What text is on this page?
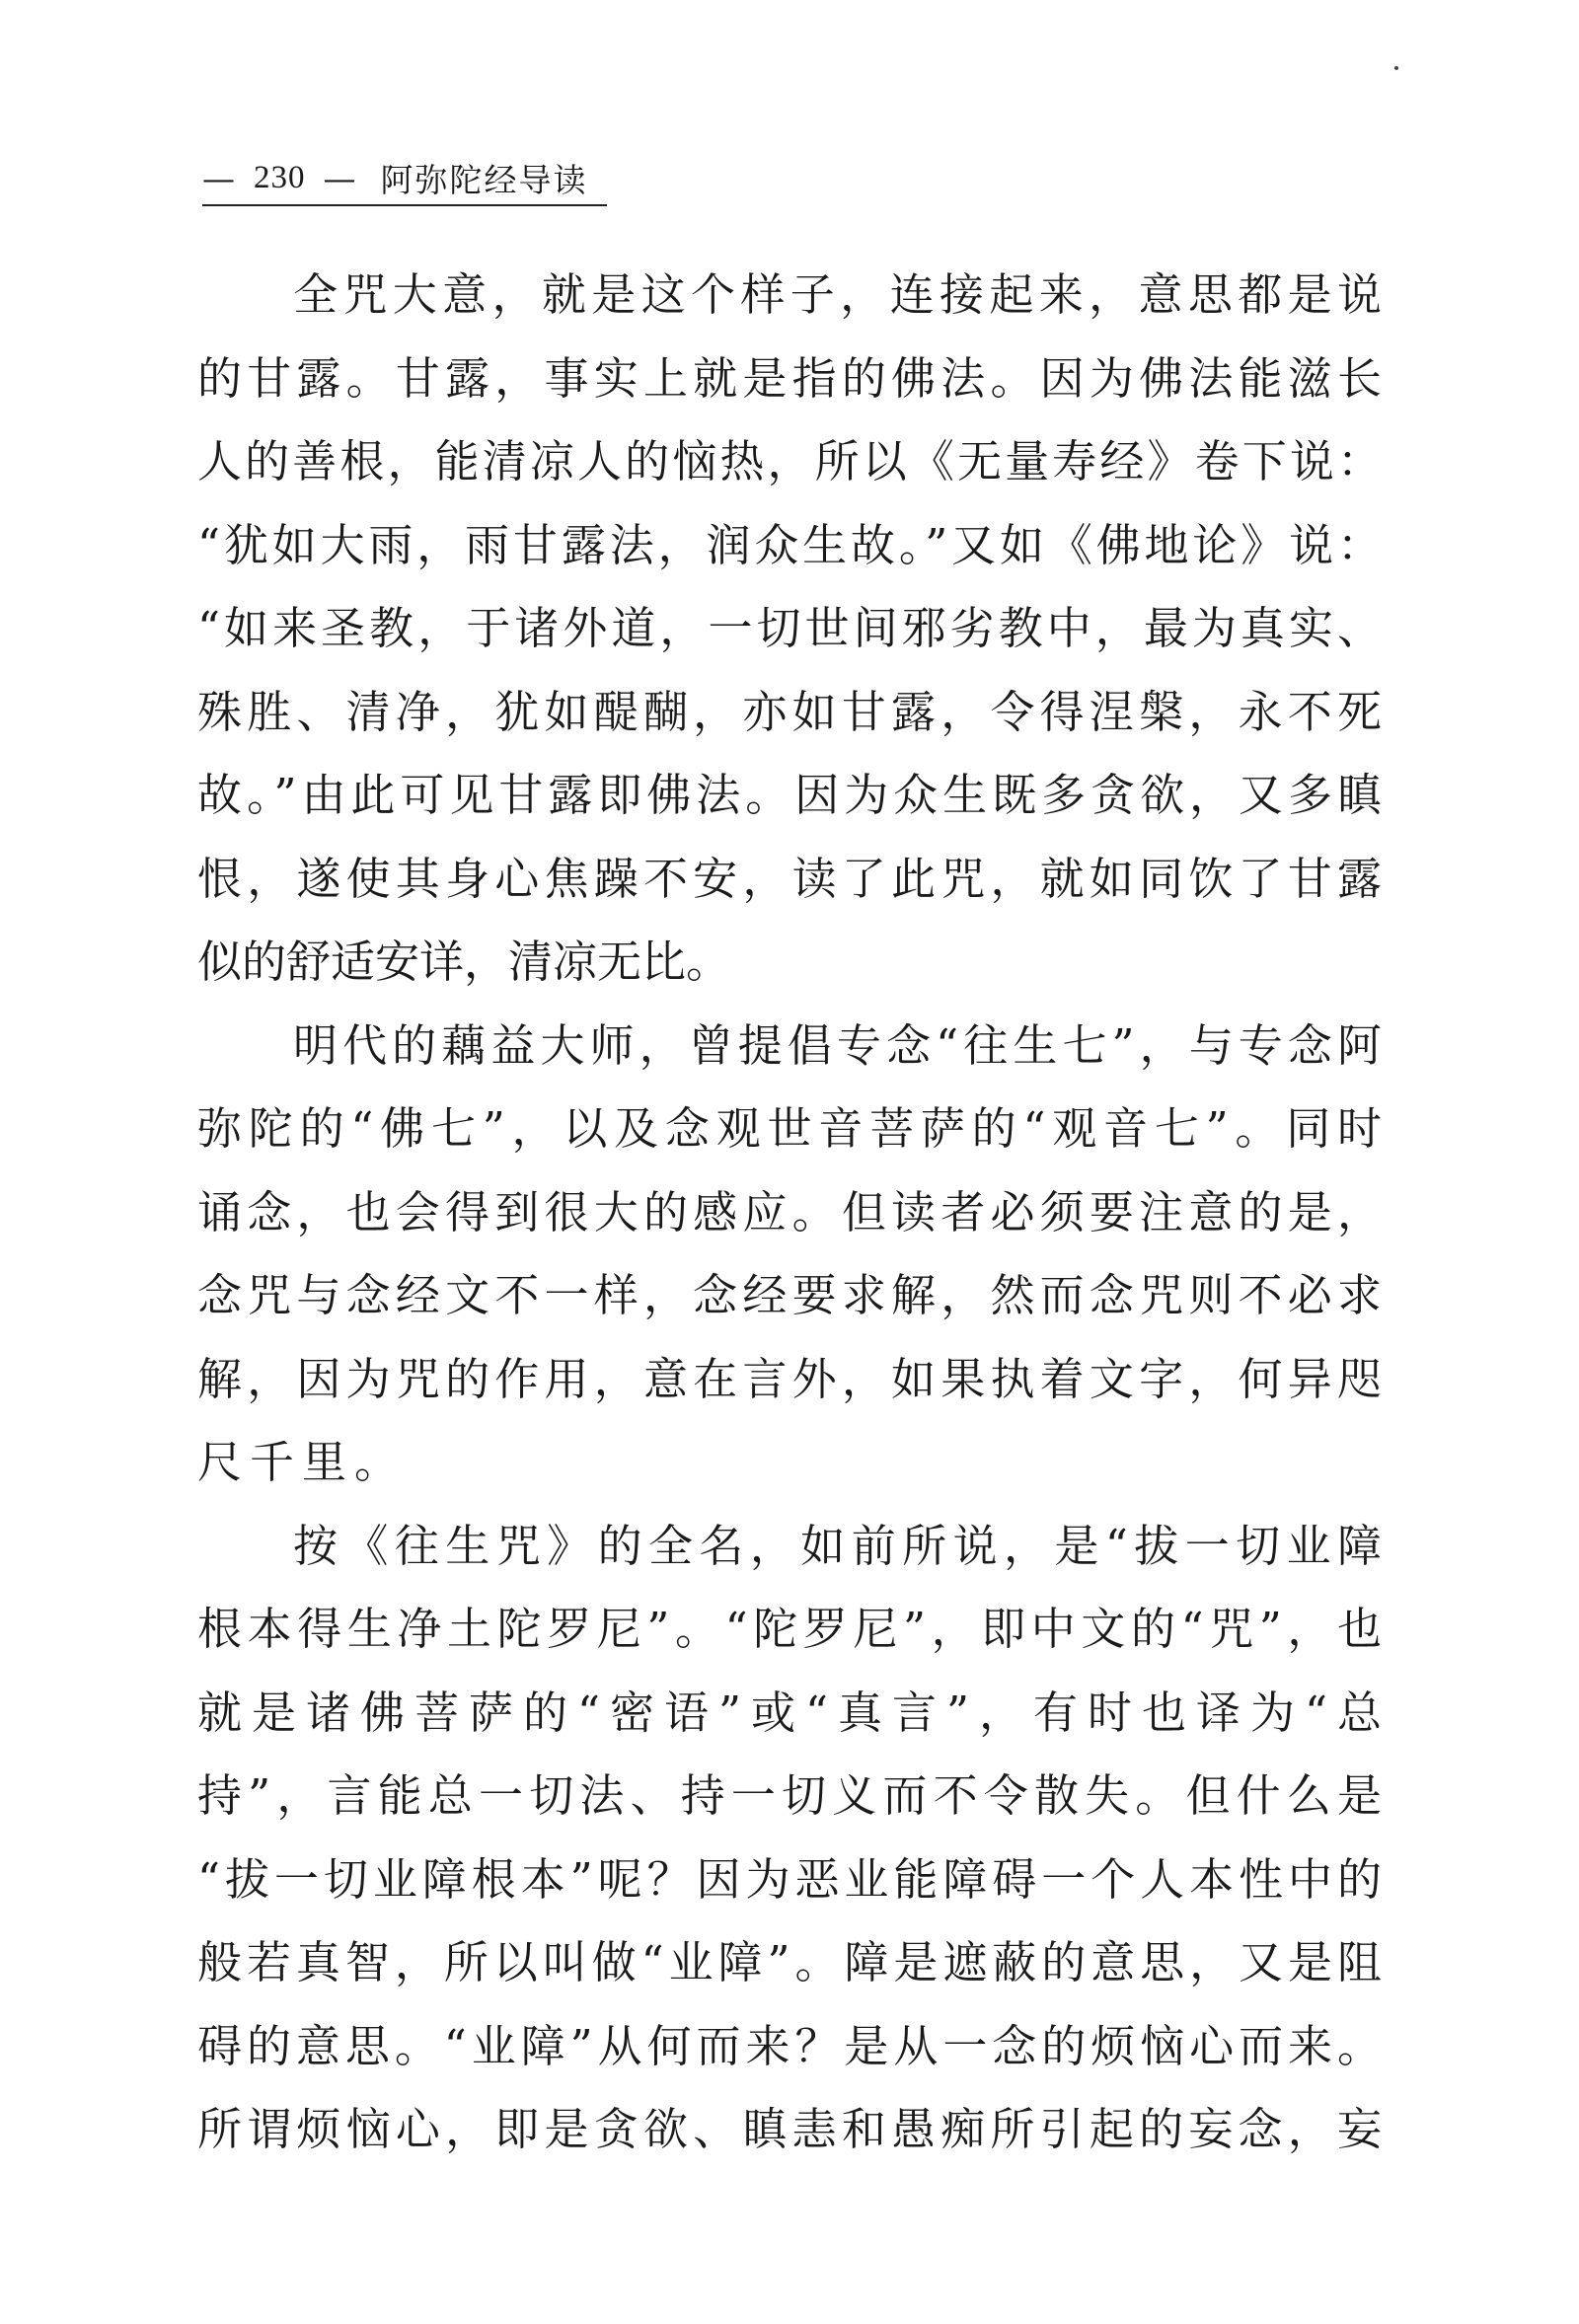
— 230 — 阿弥陀经导读
全咒大意，就是这个样子，连接起来，意思都是说
的甘露。甘露，事实上就是指的佛法。因为佛法能滋长
人的善根，能清凉人的恼热，所以《无量寿经》卷下说：
“犹如大雨，雨甘露法，润众生故。”又如《佛地论》说：
“如来圣教，于诸外道，一切世间邪劣教中，最为真实、
殊胜、清净，犹如醍醐，亦如甘露，令得涅槃，永不死
故。”由此可见甘露即佛法。因为众生既多贪欲，又多瞋
恨，遂使其身心焦躁不安，读了此咒，就如同饮了甘露
似的舒适安详，清凉无比。
明代的藕益大师，曾提倡专念“往生七”，与专念阿
弥陀的“佛七”，以及念观世音菩萨的“观音七”。同时
诵念，也会得到很大的感应。但读者必须要注意的是，
念咒与念经文不一样，念经要求解，然而念咒则不必求
解，因为咒的作用，意在言外，如果执着文字，何异咫
尺千里。
按《往生咒》的全名，如前所说，是“拔一切业障
根本得生净土陀罗尼”。“陀罗尼”，即中文的“咒”，也
就是诸佛菩萨的“密语”或“真言”，有时也译为“总
持”，言能总一切法、持一切义而不令散失。但什么是
“拔一切业障根本”呢？因为恶业能障碍一个人本性中的
般若真智，所以叫做“业障”。障是遮蔽的意思，又是阻
碍的意思。“业障”从何而来？是从一念的烦恼心而来。
所谓烦恼心，即是贪欲、瞋恚和愚痴所引起的妄念，妄
